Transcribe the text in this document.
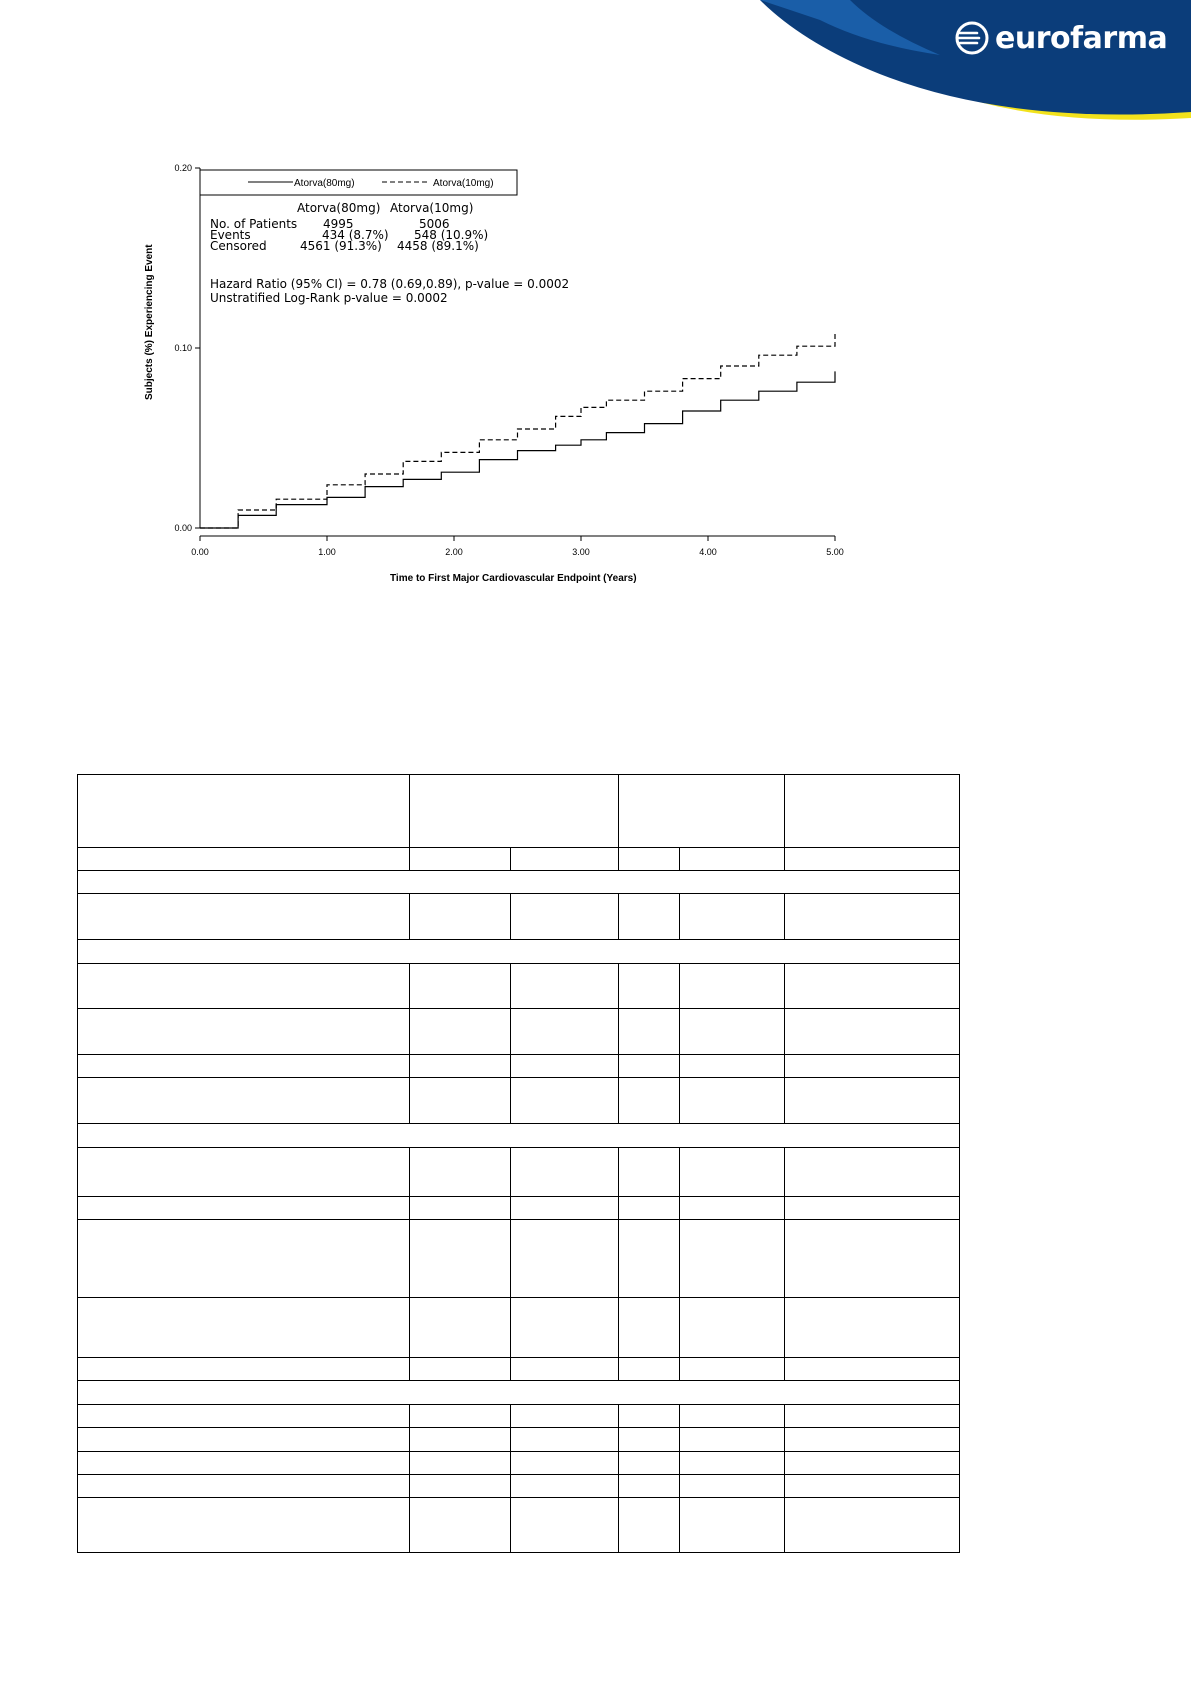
eurofarma
0.00
0.10
0.20
0.00	1.00	2.00	3.00	4.00	5.00
Atorva(80mg)	Atorva(10mg)
Atorva(80mg) Atorva(10mg)
No. of Patients 4995	5006
Events	434 (8.7%) 548 (10.9%)
Censored	4561 (91.3%) 4458 (89.1%)
Hazard Ratio (95% CI) = 0.78 (0.69,0.89), p-value = 0.0002
Unstratified Log-Rank p-value = 0.0002
Subjects (%) Experiencing Event
Time to First Major Cardiovascular Endpoint (Years)
